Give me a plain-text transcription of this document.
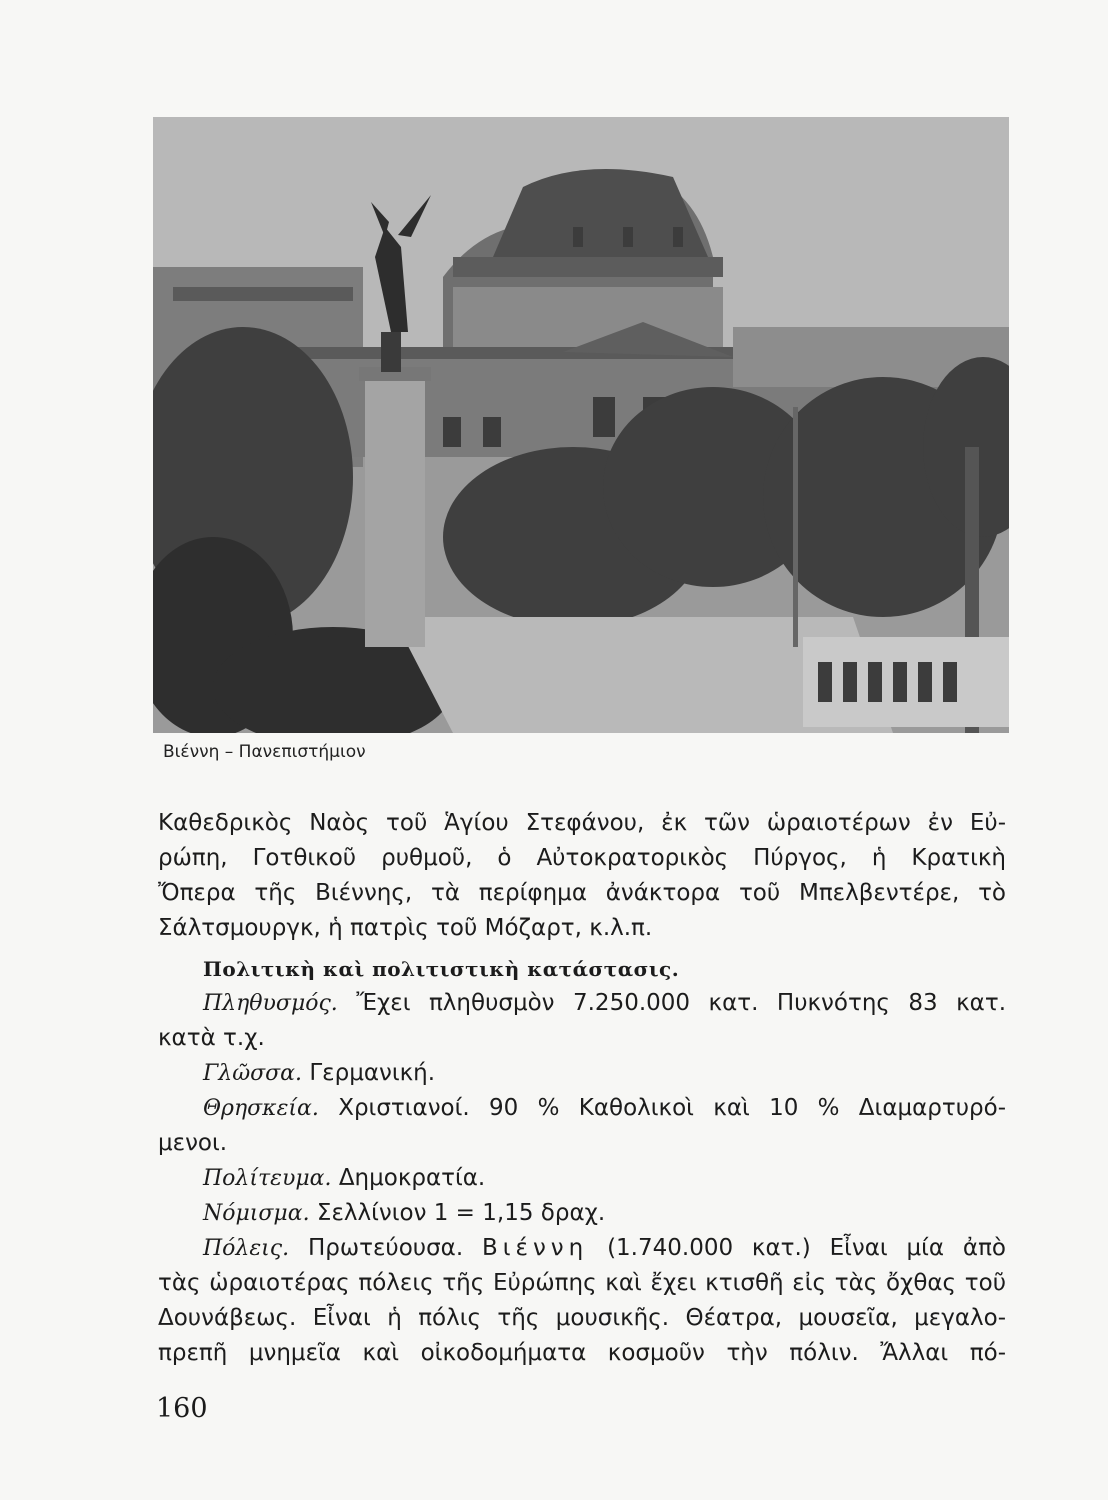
Βιέννη – Πανεπιστήμιον

Καθεδρικὸς Ναὸς τοῦ Ἁγίου Στεφάνου, ἐκ τῶν ὡραιοτέρων ἐν Εὐ-

ρώπη, Γοτθικοῦ ρυθμοῦ, ὁ Αὐτοκρατορικὸς Πύργος, ἡ Κρατικὴ

Ὄπερα τῆς Βιέννης, τὰ περίφημα ἀνάκτορα τοῦ Μπελβεντέρε, τὸ

Σάλτσμουργκ, ἡ πατρὶς τοῦ Μόζαρτ, κ.λ.π.

Πολιτικὴ καὶ πολιτιστικὴ κατάστασις.

Πληθυσμός. Ἔχει πληθυσμὸν 7.250.000 κατ. Πυκνότης 83 κατ.

κατὰ τ.χ.

Γλῶσσα. Γερμανική.

Θρησκεία. Χριστιανοί. 90 % Καθολικοὶ καὶ 10 % Διαμαρτυρό-

μενοι.

Πολίτευμα. Δημοκρατία.

Νόμισμα. Σελλίνιον 1 = 1,15 δραχ.

Πόλεις. Πρωτεύουσα. Βιέννη (1.740.000 κατ.) Εἶναι μία ἀπὸ

τὰς ὡραιοτέρας πόλεις τῆς Εὐρώπης καὶ ἔχει κτισθῆ εἰς τὰς ὄχθας τοῦ

Δουνάβεως. Εἶναι ἡ πόλις τῆς μουσικῆς. Θέατρα, μουσεῖα, μεγαλο-

πρεπῆ μνημεῖα καὶ οἰκοδομήματα κοσμοῦν τὴν πόλιν. Ἄλλαι πό-

160
